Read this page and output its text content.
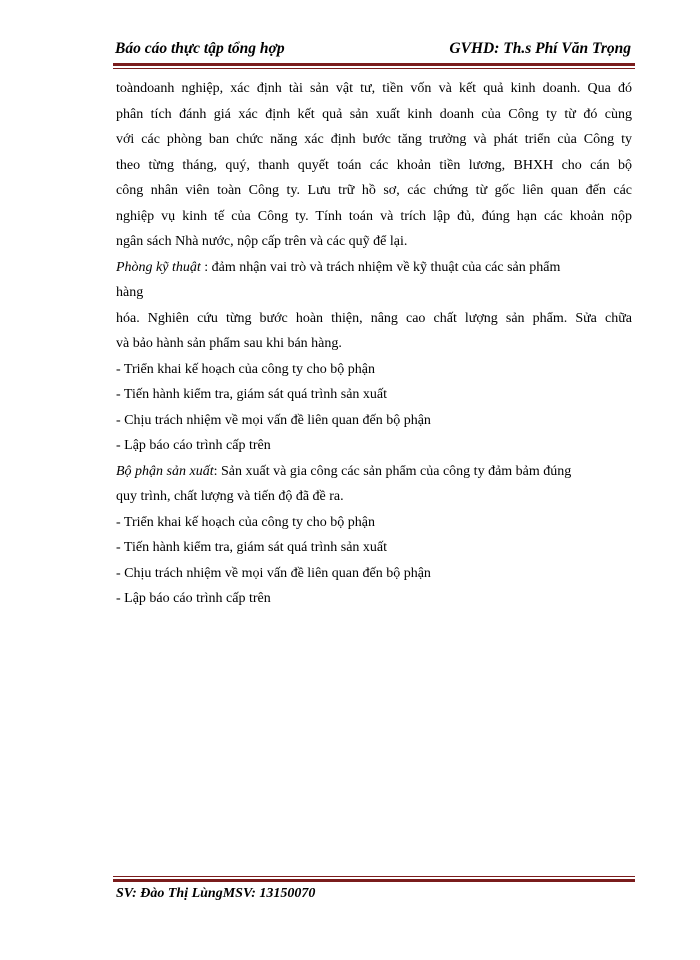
Báo cáo thực tập tổng hợp	GVHD: Th.s Phí Văn Trọng
toàndoanh nghiệp, xác định tài sản vật tư, tiền vốn và kết quả kinh doanh. Qua đó
phân tích đánh giá xác định kết quả sản xuất kinh doanh của Công ty từ đó cùng
với các phòng ban chức năng xác định bước tăng trưởng và phát triển của Công ty
theo từng tháng, quý, thanh quyết toán các khoản tiền lương, BHXH cho cán bộ
công nhân viên toàn Công ty. Lưu trữ hồ sơ, các chứng từ gốc liên quan đến các
nghiệp vụ kinh tế của Công ty. Tính toán và trích lập đủ, đúng hạn các khoản nộp
ngân sách Nhà nước, nộp cấp trên và các quỹ để lại.
Phòng kỹ thuật : đảm nhận vai trò và trách nhiệm về kỹ thuật của các sản phẩm
hàng
hóa. Nghiên cứu từng bước hoàn thiện, nâng cao chất lượng sản phẩm. Sửa chữa
và bảo hành sản phẩm sau khi bán hàng.
- Triển khai kế hoạch của công ty cho bộ phận
- Tiến hành kiểm tra, giám sát quá trình sản xuất
- Chịu trách nhiệm về mọi vấn đề liên quan đến bộ phận
- Lập báo cáo trình cấp trên
Bộ phận sản xuất: Sản xuất và gia công các sản phẩm của công ty đảm bảm đúng
quy trình, chất lượng và tiến độ đã đề ra.
- Triển khai kế hoạch của công ty cho bộ phận
- Tiến hành kiểm tra, giám sát quá trình sản xuất
- Chịu trách nhiệm về mọi vấn đề liên quan đến bộ phận
- Lập báo cáo trình cấp trên
SV: Đào Thị LùngMSV: 13150070
